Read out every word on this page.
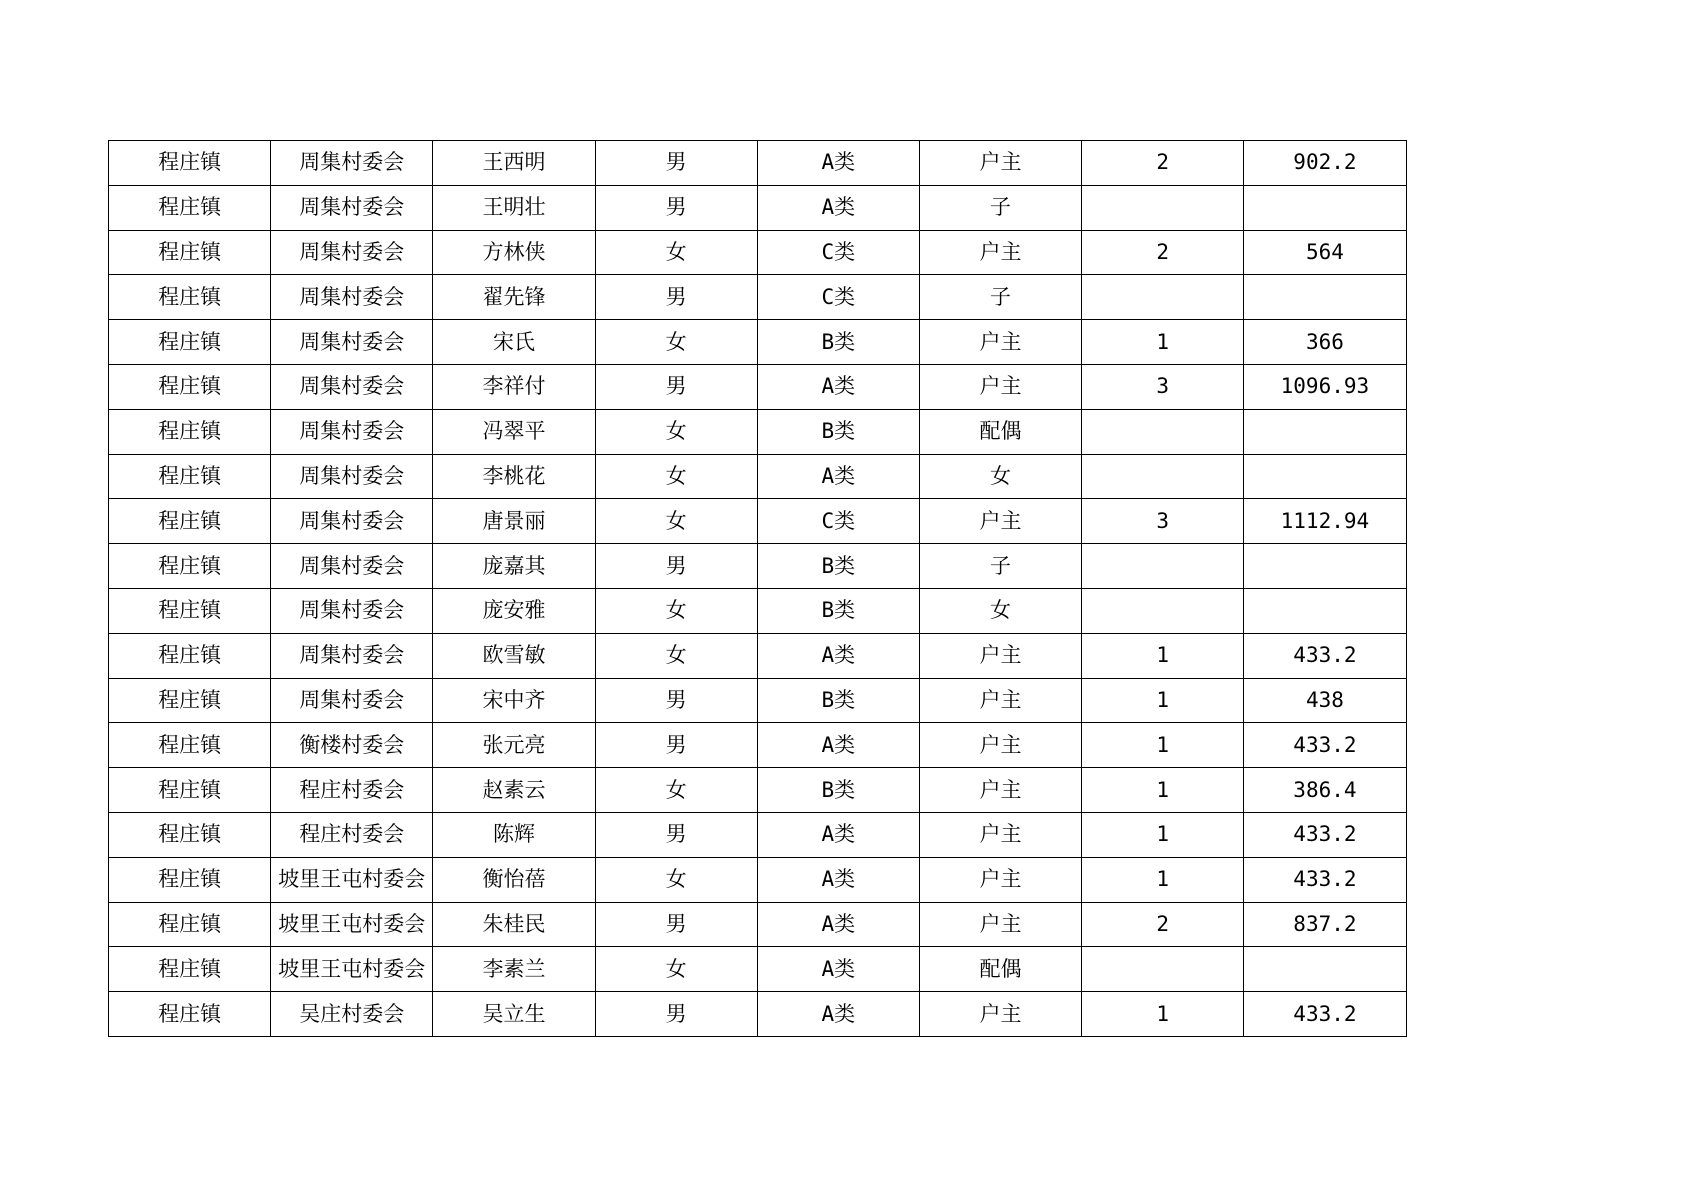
程庄镇	周集村委会	王西明	男	A类	户主	2	902.2
程庄镇	周集村委会	王明壮	男	A类	子		
程庄镇	周集村委会	方林侠	女	C类	户主	2	564
程庄镇	周集村委会	翟先锋	男	C类	子		
程庄镇	周集村委会	宋氏	女	B类	户主	1	366
程庄镇	周集村委会	李祥付	男	A类	户主	3	1096.93
程庄镇	周集村委会	冯翠平	女	B类	配偶		
程庄镇	周集村委会	李桃花	女	A类	女		
程庄镇	周集村委会	唐景丽	女	C类	户主	3	1112.94
程庄镇	周集村委会	庞嘉其	男	B类	子		
程庄镇	周集村委会	庞安雅	女	B类	女		
程庄镇	周集村委会	欧雪敏	女	A类	户主	1	433.2
程庄镇	周集村委会	宋中齐	男	B类	户主	1	438
程庄镇	衡楼村委会	张元亮	男	A类	户主	1	433.2
程庄镇	程庄村委会	赵素云	女	B类	户主	1	386.4
程庄镇	程庄村委会	陈辉	男	A类	户主	1	433.2
程庄镇	坡里王屯村委会	衡怡蓓	女	A类	户主	1	433.2
程庄镇	坡里王屯村委会	朱桂民	男	A类	户主	2	837.2
程庄镇	坡里王屯村委会	李素兰	女	A类	配偶		
程庄镇	吴庄村委会	吴立生	男	A类	户主	1	433.2
